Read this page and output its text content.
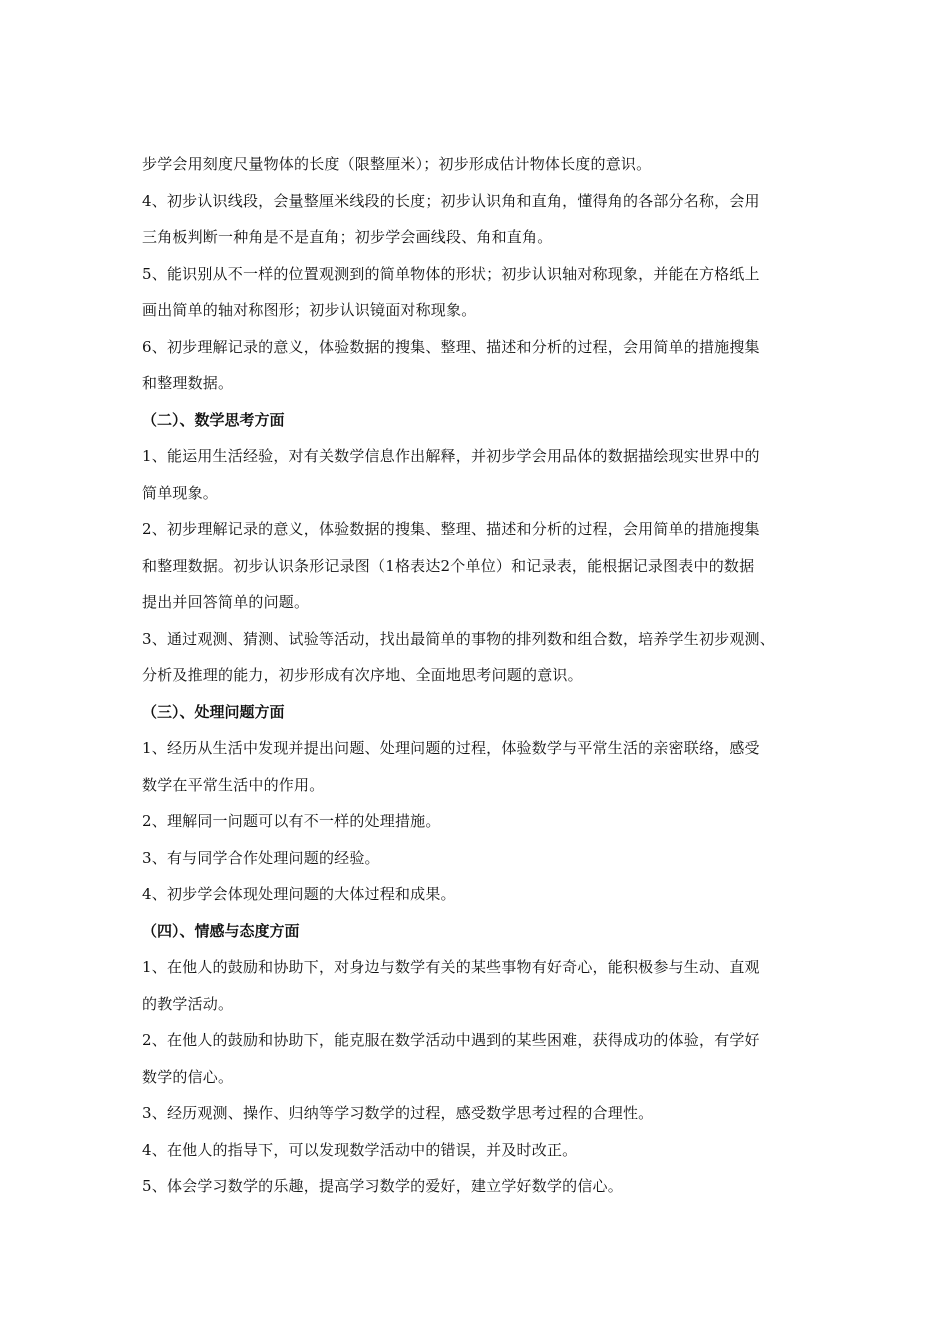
步学会用刻度尺量物体的长度（限整厘米）；初步形成估计物体长度的意识。
4、初步认识线段，会量整厘米线段的长度；初步认识角和直角，懂得角的各部分名称，会用
三角板判断一种角是不是直角；初步学会画线段、角和直角。
5、能识别从不一样的位置观测到的简单物体的形状；初步认识轴对称现象，并能在方格纸上
画出简单的轴对称图形；初步认识镜面对称现象。
6、初步理解记录的意义，体验数据的搜集、整理、描述和分析的过程，会用简单的措施搜集
和整理数据。
（二）、数学思考方面
1、能运用生活经验，对有关数学信息作出解释，并初步学会用品体的数据描绘现实世界中的
简单现象。
2、初步理解记录的意义，体验数据的搜集、整理、描述和分析的过程，会用简单的措施搜集
和整理数据。初步认识条形记录图（1格表达2个单位）和记录表，能根据记录图表中的数据
提出并回答简单的问题。
3、通过观测、猜测、试验等活动，找出最简单的事物的排列数和组合数，培养学生初步观测、
分析及推理的能力，初步形成有次序地、全面地思考问题的意识。
（三）、处理问题方面
1、经历从生活中发现并提出问题、处理问题的过程，体验数学与平常生活的亲密联络，感受
数学在平常生活中的作用。
2、理解同一问题可以有不一样的处理措施。
3、有与同学合作处理问题的经验。
4、初步学会体现处理问题的大体过程和成果。
（四）、情感与态度方面
1、在他人的鼓励和协助下，对身边与数学有关的某些事物有好奇心，能积极参与生动、直观
的教学活动。
2、在他人的鼓励和协助下，能克服在数学活动中遇到的某些困难，获得成功的体验，有学好
数学的信心。
3、经历观测、操作、归纳等学习数学的过程，感受数学思考过程的合理性。
4、在他人的指导下，可以发现数学活动中的错误，并及时改正。
5、体会学习数学的乐趣，提高学习数学的爱好，建立学好数学的信心。
